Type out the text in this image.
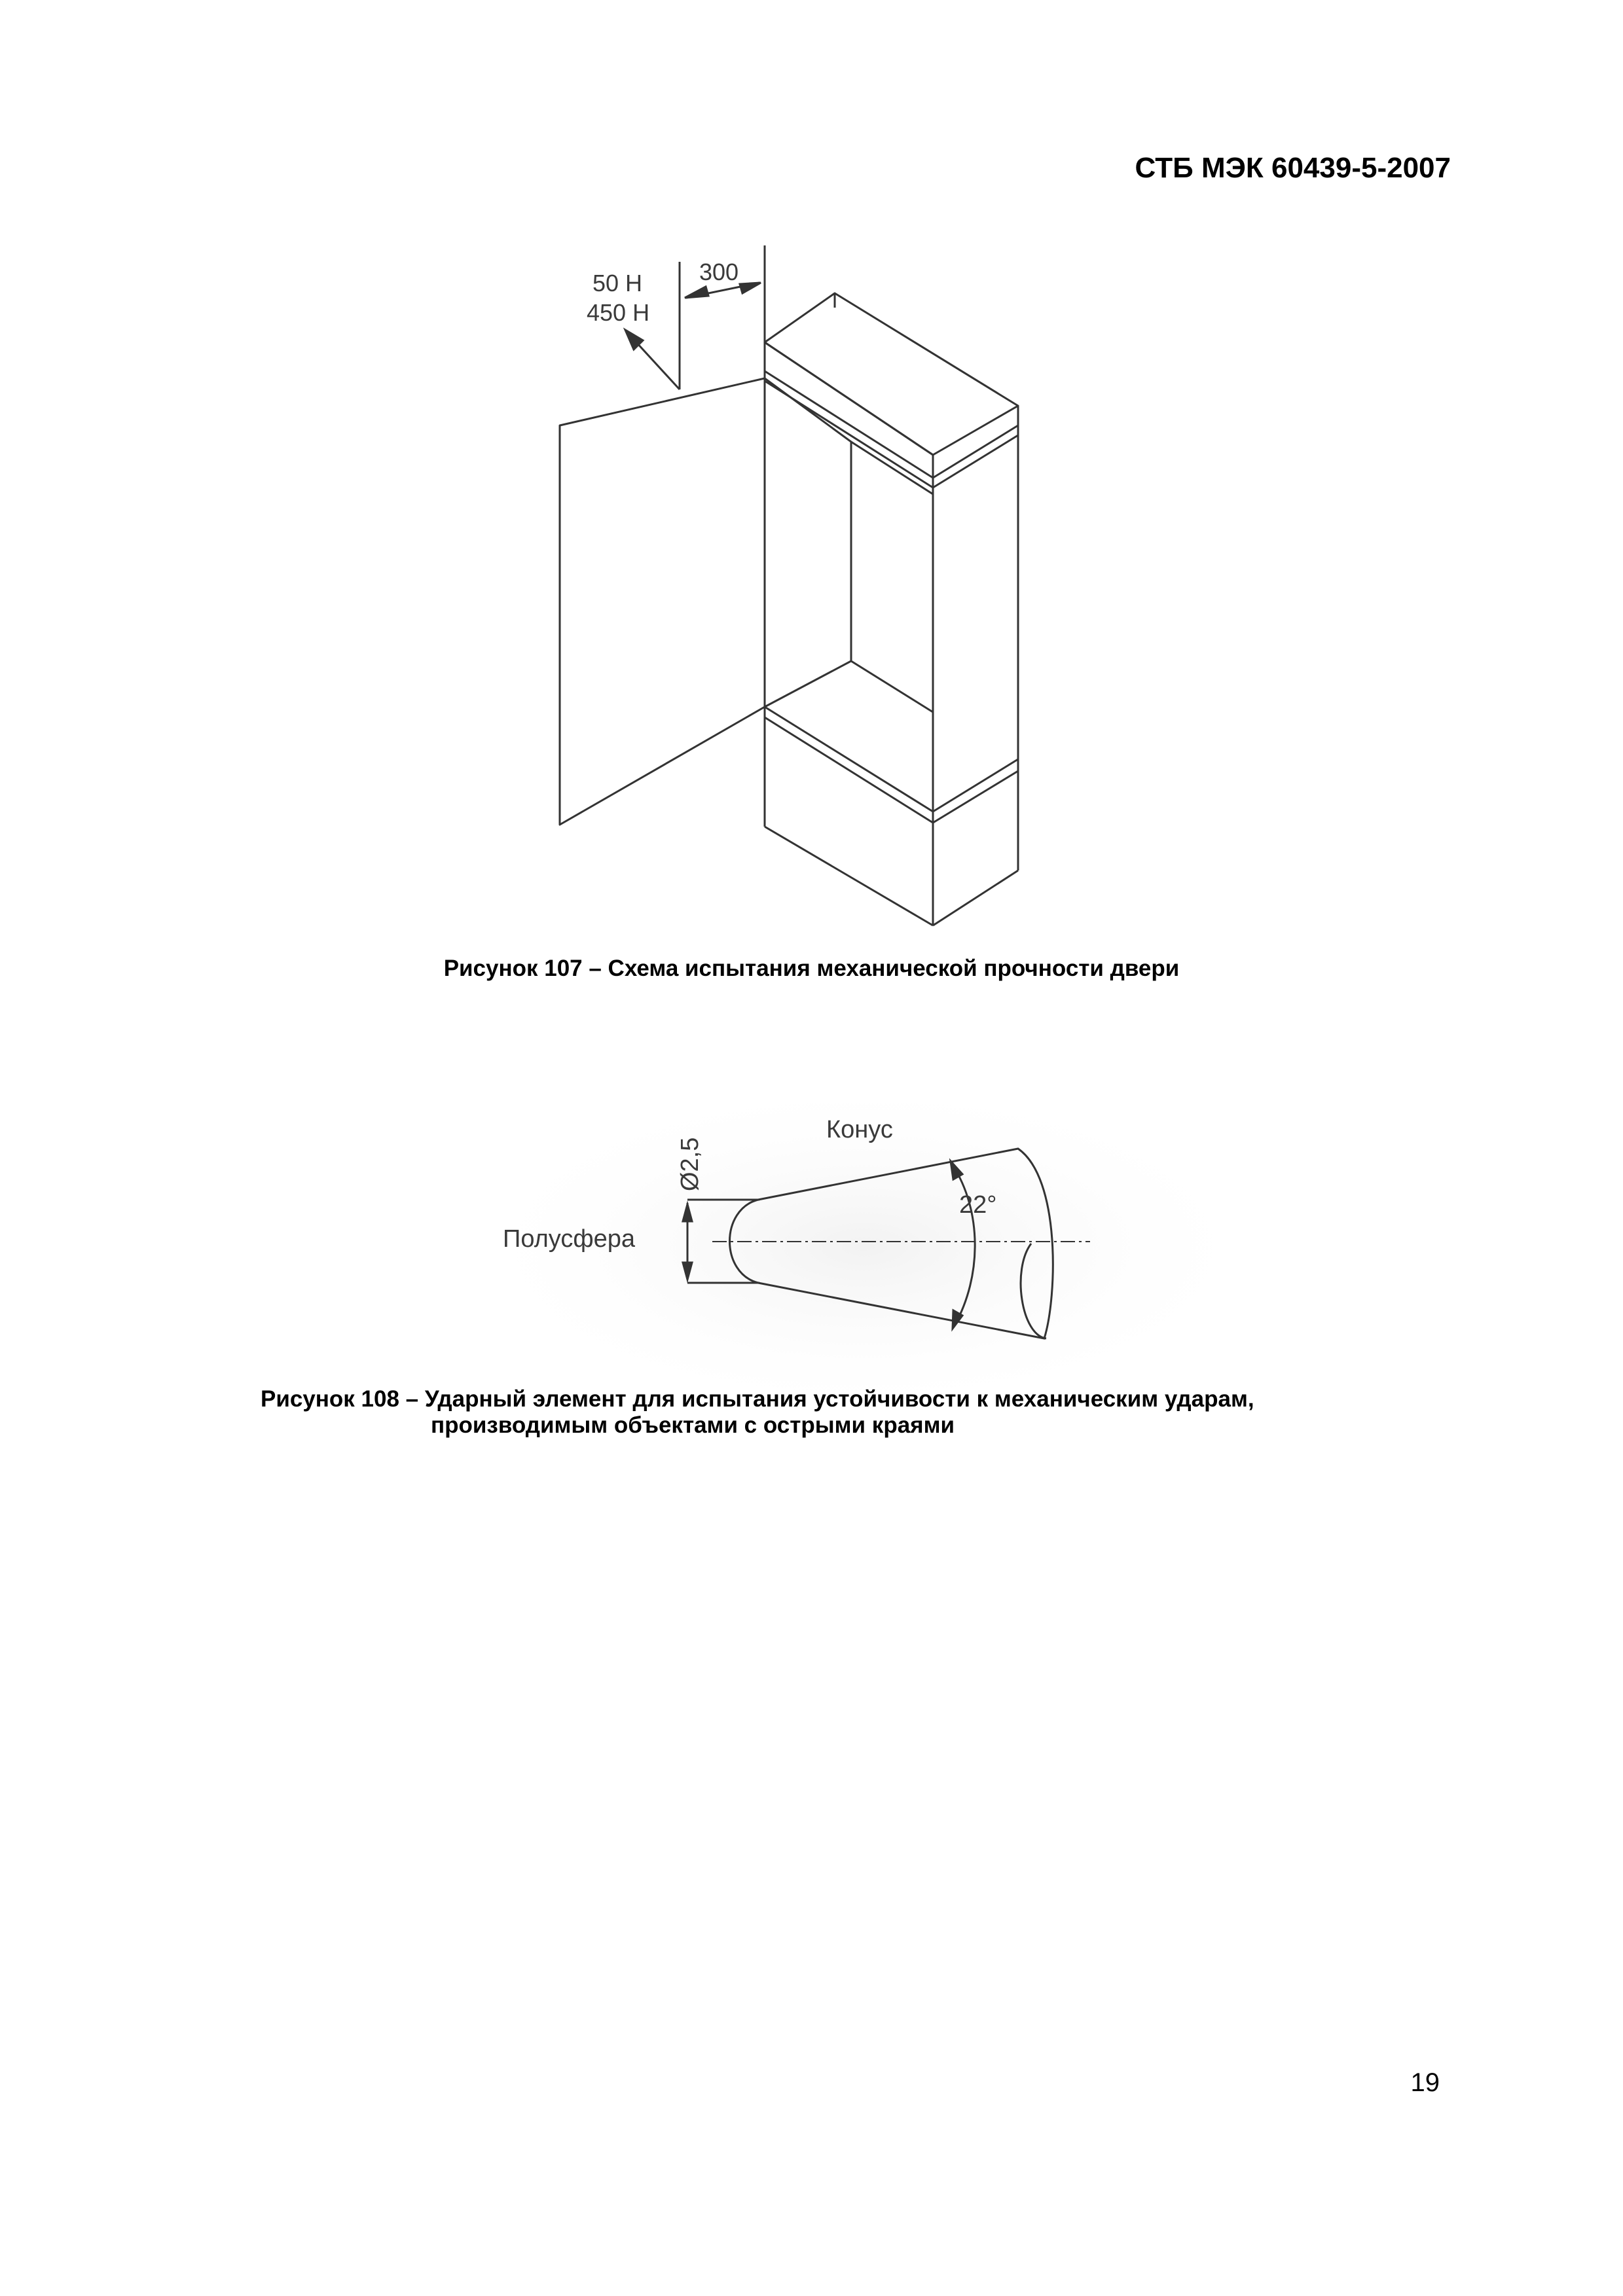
СТБ МЭК 60439-5-2007
50 Н
450 Н
300
Рисунок 107 – Схема испытания механической прочности двери
Ø2,5
Конус
Полусфера
22°
Рисунок 108 – Ударный элемент для испытания устойчивости к механическим ударам,
производимым объектами с острыми краями
19
